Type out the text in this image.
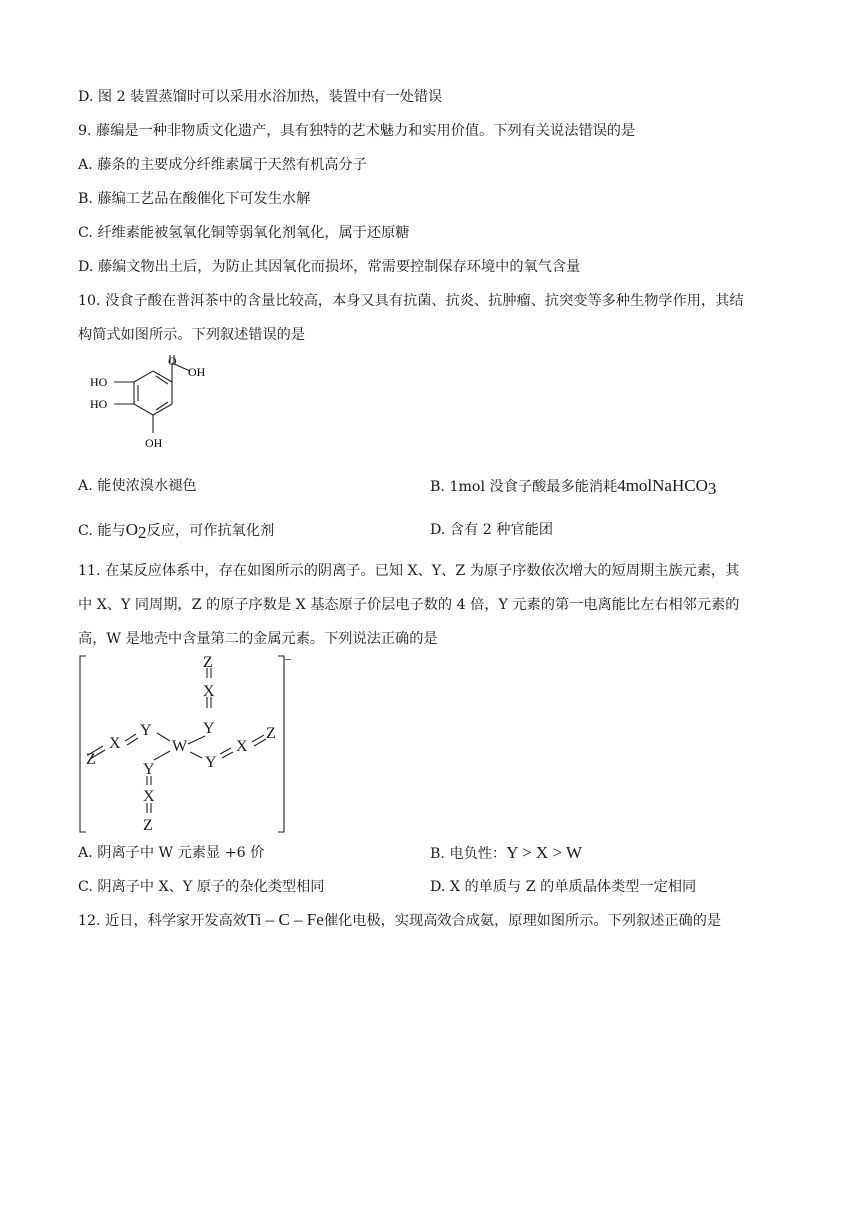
D. 图 2 装置蒸馏时可以采用水浴加热，装置中有一处错误
9. 藤编是一种非物质文化遗产，具有独特的艺术魅力和实用价值。下列有关说法错误的是
A. 藤条的主要成分纤维素属于天然有机高分子
B. 藤编工艺品在酸催化下可发生水解
C. 纤维素能被氢氧化铜等弱氧化剂氧化，属于还原糖
D. 藤编文物出土后，为防止其因氧化而损坏，常需要控制保存环境中的氧气含量
10. 没食子酸在普洱茶中的含量比较高，本身又具有抗菌、抗炎、抗肿瘤、抗突变等多种生物学作用，其结
构简式如图所示。下列叙述错误的是
HO
HO
OH
O
OH
A. 能使浓溴水褪色	B. 1mol 没食子酸最多能消耗4molNaHCO$_3$
C. 能与$O_2$反应，可作抗氧化剂	D. 含有 2 种官能团
11. 在某反应体系中，存在如图所示的阴离子。已知 X、Y、Z 为原子序数依次增大的短周期主族元素，其
中 X、Y 同周期，Z 的原子序数是 X 基态原子价层电子数的 4 倍，Y 元素的第一电离能比左右相邻元素的
高，W 是地壳中含量第二的金属元素。下列说法正确的是
Z
X
Y
W
Y
X
Z	Y
X
Z
Y
X
Z
–
A. 阴离子中 W 元素显 +6 价	B. 电负性：Y > X > W
C. 阴离子中 X、Y 原子的杂化类型相同	D. X 的单质与 Z 的单质晶体类型一定相同
12. 近日，科学家开发高效Ti – C – Fe催化电极，实现高效合成氨，原理如图所示。下列叙述正确的是
